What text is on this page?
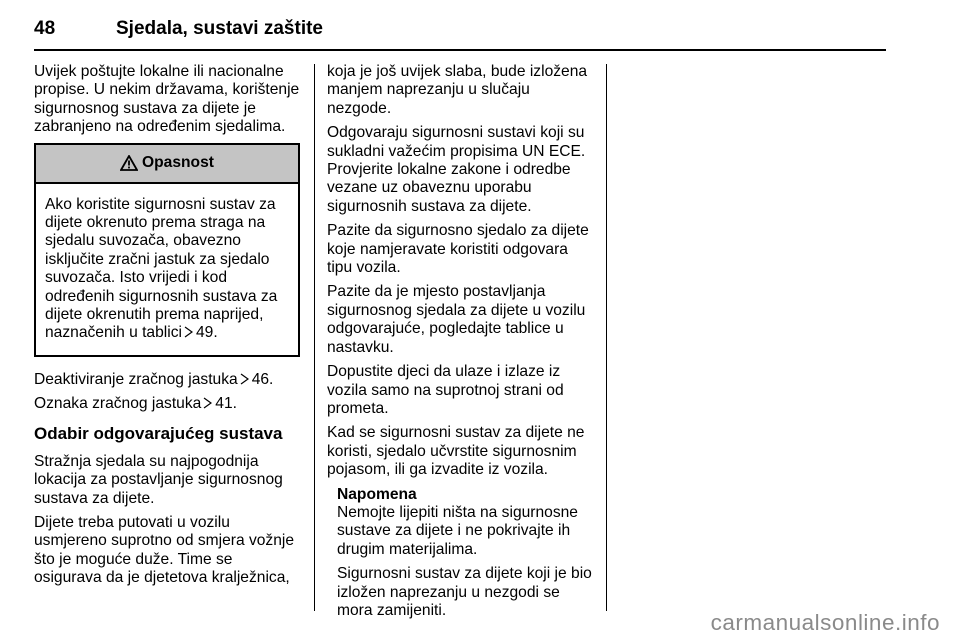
48	Sjedala, sustavi zaštite

Uvijek poštujte lokalne ili nacionalne propise. U nekim državama, korištenje sigurnosnog sustava za dijete je zabranjeno na određenim sjedalima.

Opasnost
Ako koristite sigurnosni sustav za dijete okrenuto prema straga na sjedalu suvozača, obavezno isključite zračni jastuk za sjedalo suvozača. Isto vrijedi i kod određenih sigurnosnih sustava za dijete okrenutih prema naprijed, naznačenih u tablici 49.

Deaktiviranje zračnog jastuka 46.

Oznaka zračnog jastuka 41.

Odabir odgovarajućeg sustava

Stražnja sjedala su najpogodnija lokacija za postavljanje sigurnosnog sustava za dijete.

Dijete treba putovati u vozilu usmjereno suprotno od smjera vožnje što je moguće duže. Time se osigurava da je djetetova kralježnica,

koja je još uvijek slaba, bude izložena manjem naprezanju u slučaju nezgode.

Odgovaraju sigurnosni sustavi koji su sukladni važećim propisima UN ECE. Provjerite lokalne zakone i odredbe vezane uz obaveznu uporabu sigurnosnih sustava za dijete.

Pazite da sigurnosno sjedalo za dijete koje namjeravate koristiti odgovara tipu vozila.

Pazite da je mjesto postavljanja sigurnosnog sjedala za dijete u vozilu odgovarajuće, pogledajte tablice u nastavku.

Dopustite djeci da ulaze i izlaze iz vozila samo na suprotnoj strani od prometa.

Kad se sigurnosni sustav za dijete ne koristi, sjedalo učvrstite sigurnosnim pojasom, ili ga izvadite iz vozila.

Napomena

Nemojte lijepiti ništa na sigurnosne sustave za dijete i ne pokrivajte ih drugim materijalima.

Sigurnosni sustav za dijete koji je bio izložen naprezanju u nezgodi se mora zamijeniti.	carmanualsonline.info
